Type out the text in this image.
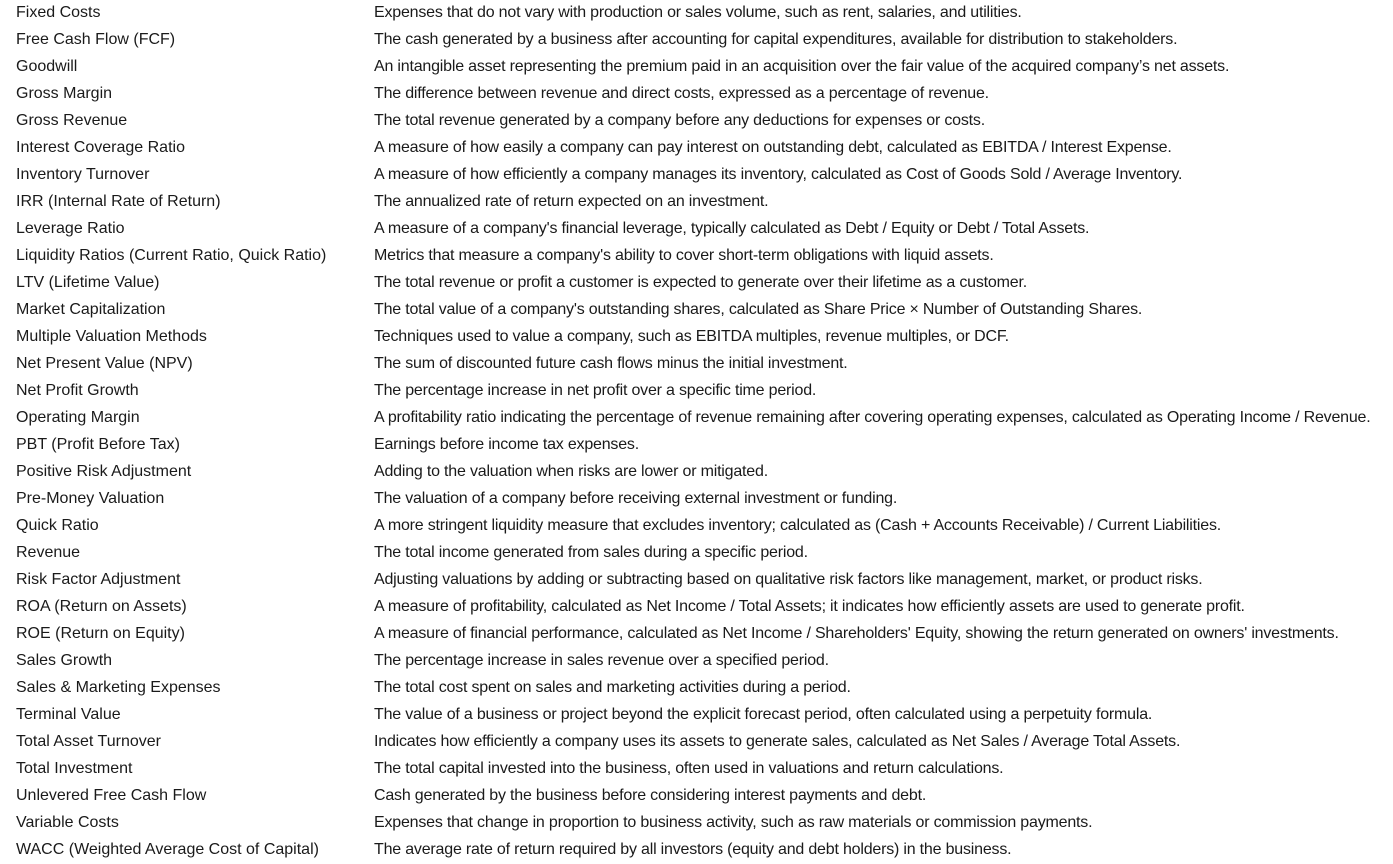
Fixed Costs	Expenses that do not vary with production or sales volume, such as rent, salaries, and utilities.
Free Cash Flow (FCF)	The cash generated by a business after accounting for capital expenditures, available for distribution to stakeholders.
Goodwill	An intangible asset representing the premium paid in an acquisition over the fair value of the acquired company’s net assets.
Gross Margin	The difference between revenue and direct costs, expressed as a percentage of revenue.
Gross Revenue	The total revenue generated by a company before any deductions for expenses or costs.
Interest Coverage Ratio	A measure of how easily a company can pay interest on outstanding debt, calculated as EBITDA / Interest Expense.
Inventory Turnover	A measure of how efficiently a company manages its inventory, calculated as Cost of Goods Sold / Average Inventory.
IRR (Internal Rate of Return)	The annualized rate of return expected on an investment.
Leverage Ratio	A measure of a company's financial leverage, typically calculated as Debt / Equity or Debt / Total Assets.
Liquidity Ratios (Current Ratio, Quick Ratio)	Metrics that measure a company's ability to cover short-term obligations with liquid assets.
LTV (Lifetime Value)	The total revenue or profit a customer is expected to generate over their lifetime as a customer.
Market Capitalization	The total value of a company's outstanding shares, calculated as Share Price × Number of Outstanding Shares.
Multiple Valuation Methods	Techniques used to value a company, such as EBITDA multiples, revenue multiples, or DCF.
Net Present Value (NPV)	The sum of discounted future cash flows minus the initial investment.
Net Profit Growth	The percentage increase in net profit over a specific time period.
Operating Margin	A profitability ratio indicating the percentage of revenue remaining after covering operating expenses, calculated as Operating Income / Revenue.
PBT (Profit Before Tax)	Earnings before income tax expenses.
Positive Risk Adjustment	Adding to the valuation when risks are lower or mitigated.
Pre-Money Valuation	The valuation of a company before receiving external investment or funding.
Quick Ratio	A more stringent liquidity measure that excludes inventory; calculated as (Cash + Accounts Receivable) / Current Liabilities.
Revenue	The total income generated from sales during a specific period.
Risk Factor Adjustment	Adjusting valuations by adding or subtracting based on qualitative risk factors like management, market, or product risks.
ROA (Return on Assets)	A measure of profitability, calculated as Net Income / Total Assets; it indicates how efficiently assets are used to generate profit.
ROE (Return on Equity)	A measure of financial performance, calculated as Net Income / Shareholders' Equity, showing the return generated on owners' investments.
Sales Growth	The percentage increase in sales revenue over a specified period.
Sales & Marketing Expenses	The total cost spent on sales and marketing activities during a period.
Terminal Value	The value of a business or project beyond the explicit forecast period, often calculated using a perpetuity formula.
Total Asset Turnover	Indicates how efficiently a company uses its assets to generate sales, calculated as Net Sales / Average Total Assets.
Total Investment	The total capital invested into the business, often used in valuations and return calculations.
Unlevered Free Cash Flow	Cash generated by the business before considering interest payments and debt.
Variable Costs	Expenses that change in proportion to business activity, such as raw materials or commission payments.
WACC (Weighted Average Cost of Capital)	The average rate of return required by all investors (equity and debt holders) in the business.
